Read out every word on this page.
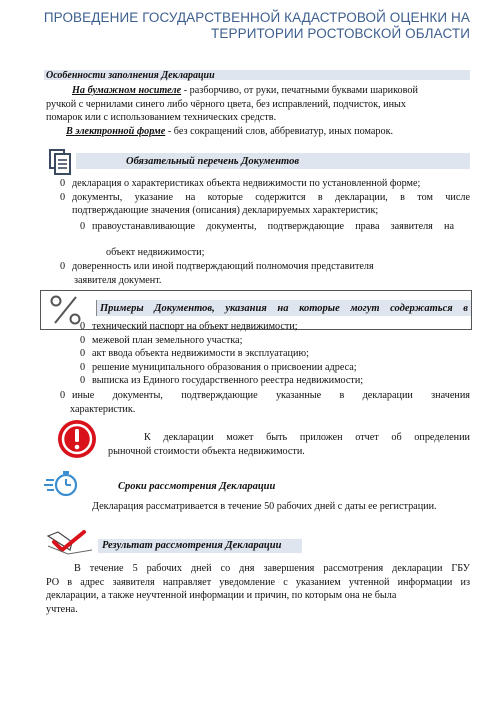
ПРОВЕДЕНИЕ ГОСУДАРСТВЕННОЙ КАДАСТРОВОЙ ОЦЕНКИ НА
ТЕРРИТОРИИ РОСТОВСКОЙ ОБЛАСТИ
Особенности заполнения Декларации
На бумажном носителе - разборчиво, от руки, печатными буквами шариковой
ручкой с чернилами синего либо чёрного цвета, без исправлений, подчисток, иных
помарок или с использованием технических средств.
В электронной форме - без сокращений слов, аббревиатур, иных помарок.
Обязательный перечень Документов
0 декларация о характеристиках объекта недвижимости по установленной форме;
0 документы, указание на которые содержится в декларации, в том числе
подтверждающие значения (описания) декларируемых характеристик;
0 правоустанавливающие документы, подтверждающие права заявителя на
объект недвижимости;
0 доверенность или иной подтверждающий полномочия представителя
заявителя документ.
Примеры Документов, указания на которые могут содержаться в
0 технический паспорт на объект недвижимости;
0 межевой план земельного участка;
0 акт ввода объекта недвижимости в эксплуатацию;
0 решение муниципального образования о присвоении адреса;
0 выписка из Единого государственного реестра недвижимости;
0 иные документы, подтверждающие указанные в декларации значения
характеристик.
К декларации может быть приложен отчет об определении
рыночной стоимости объекта недвижимости.
Сроки рассмотрения Декларации
Декларация рассматривается в течение 50 рабочих дней с даты ее регистрации.
Результат рассмотрения Декларации
В течение 5 рабочих дней со дня завершения рассмотрения декларации ГБУ
РО в адрес заявителя направляет уведомление с указанием учтенной информации из
декларации, а также неучтенной информации и причин, по которым она не была
учтена.
